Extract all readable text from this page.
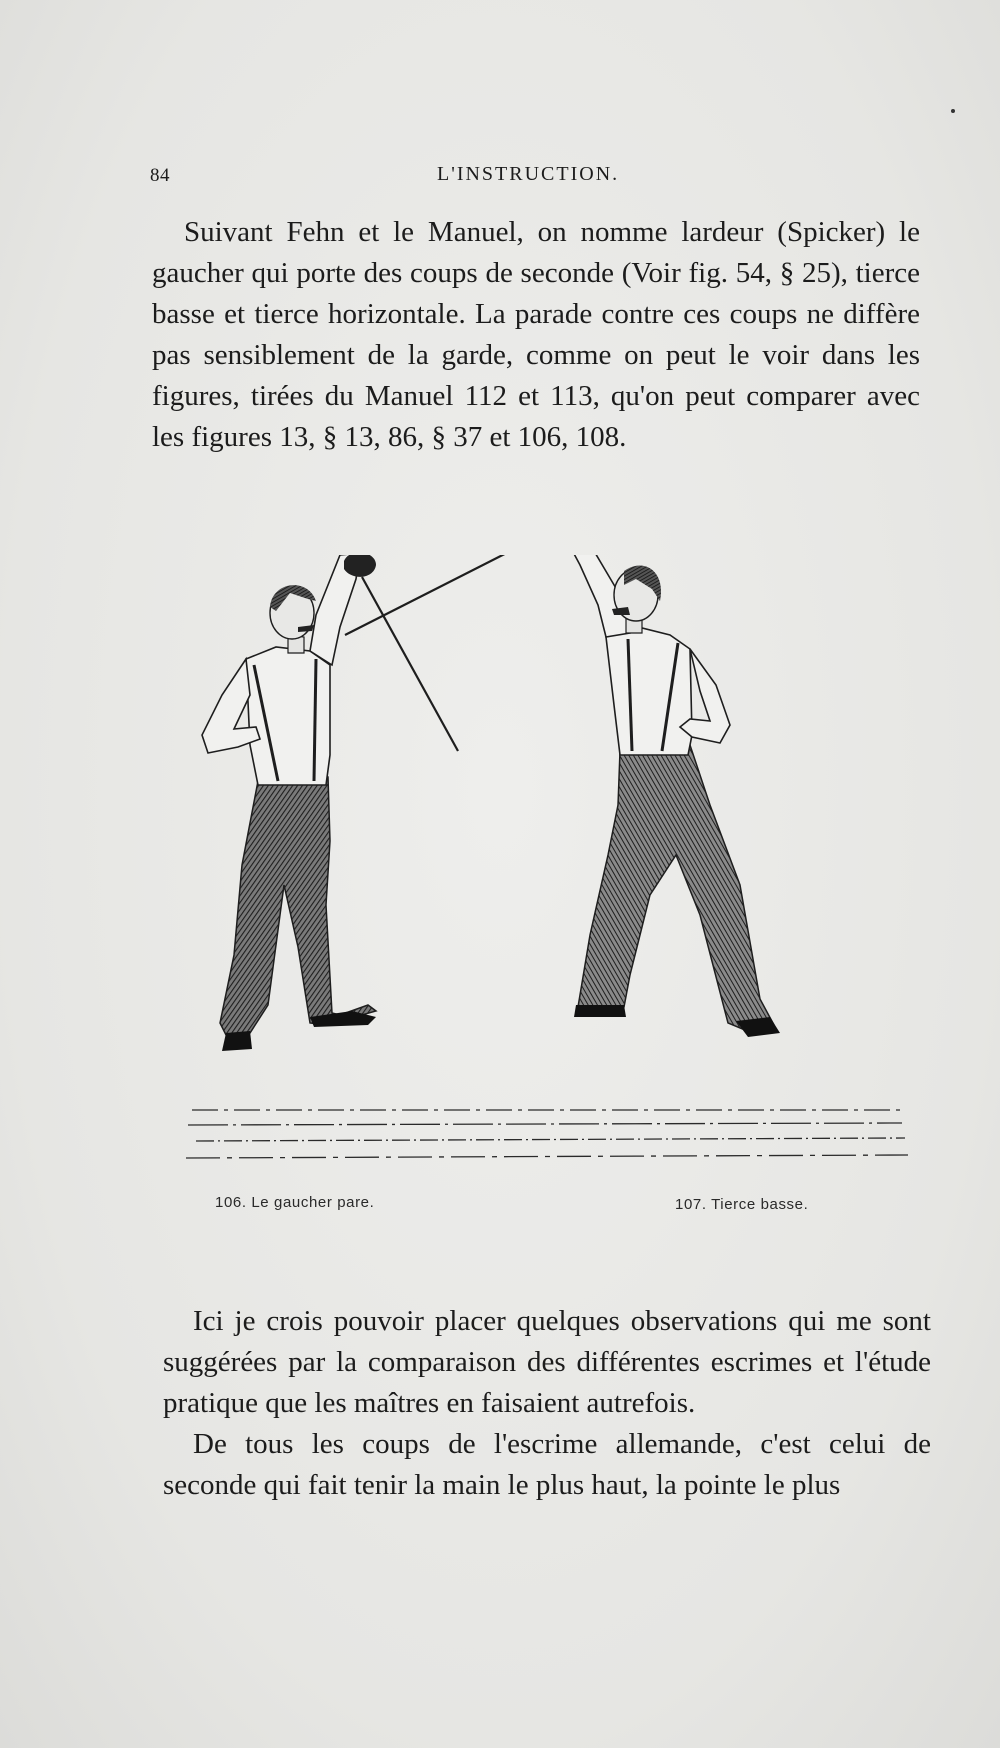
84	L'INSTRUCTION.

Suivant Fehn et le Manuel, on nomme lardeur (Spicker) le gaucher qui porte des coups de seconde (Voir fig. 54, § 25), tierce basse et tierce horizontale. La parade contre ces coups ne diffère pas sensiblement de la garde, comme on peut le voir dans les figures, tirées du Manuel 112 et 113, qu'on peut comparer avec les figures 13, § 13, 86, § 37 et 106, 108.

106. Le gaucher pare.	107. Tierce basse.

Ici je crois pouvoir placer quelques observations qui me sont suggérées par la comparaison des différentes escrimes et l'étude pratique que les maîtres en faisaient autrefois.

De tous les coups de l'escrime allemande, c'est celui de seconde qui fait tenir la main le plus haut, la pointe le plus
